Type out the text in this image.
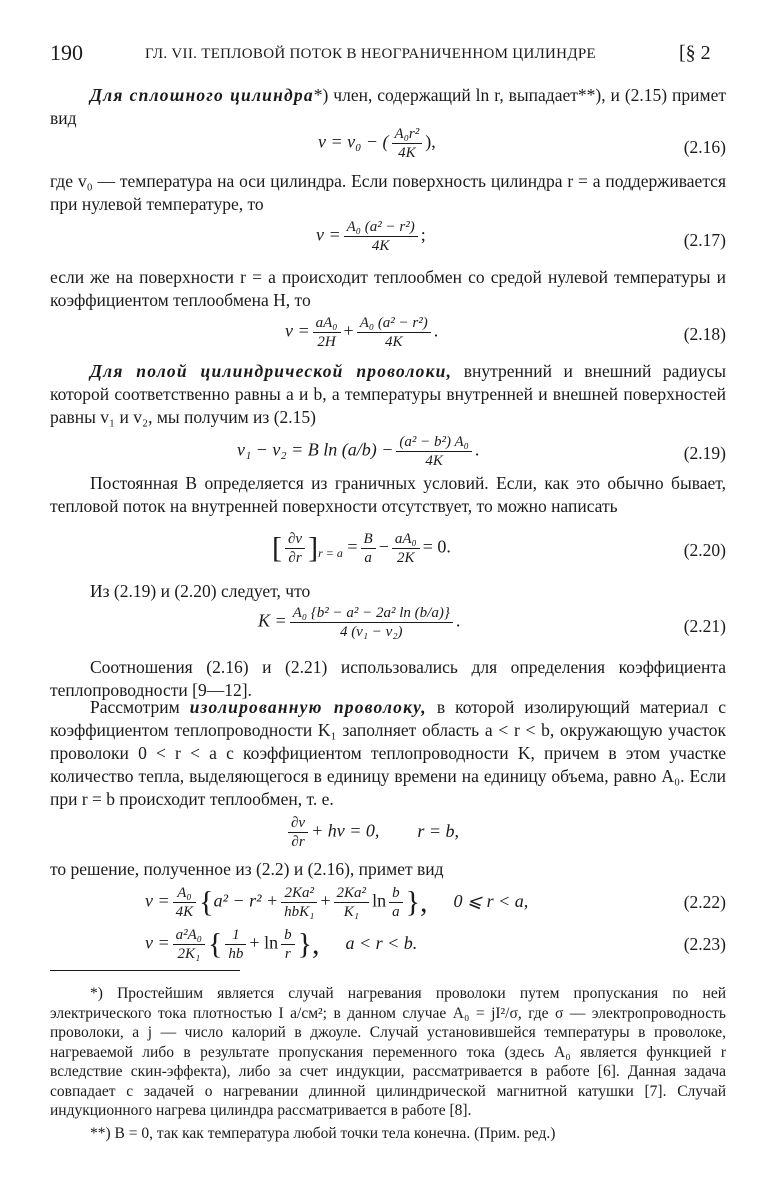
190	ГЛ. VII. ТЕПЛОВОЙ ПОТОК В НЕОГРАНИЧЕННОМ ЦИЛИНДРЕ	[§ 2
Для сплошного цилиндра*) член, содержащий ln r, выпадает**), и (2.15) примет вид
v = v₀ − ( $\frac{\text{A₀r²}}{4K}$ ),	(2.16)
где v₀ — температура на оси цилиндра. Если поверхность цилиндра r = a поддерживается при нулевой температуре, то
$v = \frac{\text{A₀ (a² − r²)}}{4K}$ ;	(2.17)
если же на поверхности r = a происходит теплообмен со средой нулевой температуры и коэффициентом теплообмена H, то
$v = \frac{\text{aA₀}}{2H} + \frac{\text{A₀ (a² − r²)}}{4K}$ .	(2.18)
Для полой цилиндрической проволоки, внутренний и внешний радиусы которой соответственно равны a и b, а температуры внутренней и внешней поверхностей равны v₁ и v₂, мы получим из (2.15)
v₁ − v₂ = B $\ln (a/b) - \frac{\text{(a² − b²) A₀}}{4K}$ .	(2.19)
Постоянная B определяется из граничных условий. Если, как это обычно бывает, тепловой поток на внутренней поверхности отсутствует, то можно написать
[ $\frac{\partial v}{\partial r} ]_{r = a} = \frac{B}{a} - \frac{\text{aA₀}}{2K} = 0$.	(2.20)
Из (2.19) и (2.20) следует, что
$K = \frac{\text{A₀ \{b² − a² − 2a² ln (b/a)\}}}{\text{4 (v₁ − v₂)}}$ .	(2.21)
Соотношения (2.16) и (2.21) использовались для определения коэффициента теплопроводности [9—12].
Рассмотрим изолированную проволоку, в которой изолирующий материал с коэффициентом теплопроводности K₁ заполняет область a < r < b, окружающую участок проволоки 0 < r < a с коэффициентом теплопроводности K, причем в этом участке количество тепла, выделяющегося в единицу времени на единицу объема, равно A₀. Если при r = b происходит теплообмен, т. е.
$\frac{\partial v}{\partial r}$ + hv = 0, r = b,
то решение, полученное из (2.2) и (2.16), примет вид
$v = \frac{\text{A₀}}{4K} \{a^2 - r^2 + \frac{\text{2Ka²}}{\text{hbK₁}} + \frac{\text{2Ka²}}{\text{K₁}}$ $\ln \frac{b}{a}$ }, 0 ⩽ r < a,	(2.22)
$v = \frac{\text{a²A₀}}{\text{2K₁}}$ { $\frac{1}{hb} + \ln \frac{b}{r}$ }, a < r < b.	(2.23)
*) Простейшим является случай нагревания проволоки путем пропускания по ней электрического тока плотностью I a/см²; в данном случае A₀ = jI²/σ, где σ — электропроводность проволоки, а j — число калорий в джоуле. Случай установившейся температуры в проволоке, нагреваемой либо в результате пропускания переменного тока (здесь A₀ является функцией r вследствие скин-эффекта), либо за счет индукции, рассматривается в работе [6]. Данная задача совпадает с задачей о нагревании длинной цилиндрической магнитной катушки [7]. Случай индукционного нагрева цилиндра рассматривается в работе [8].
**) B = 0, так как температура любой точки тела конечна. (Прим. ред.)
